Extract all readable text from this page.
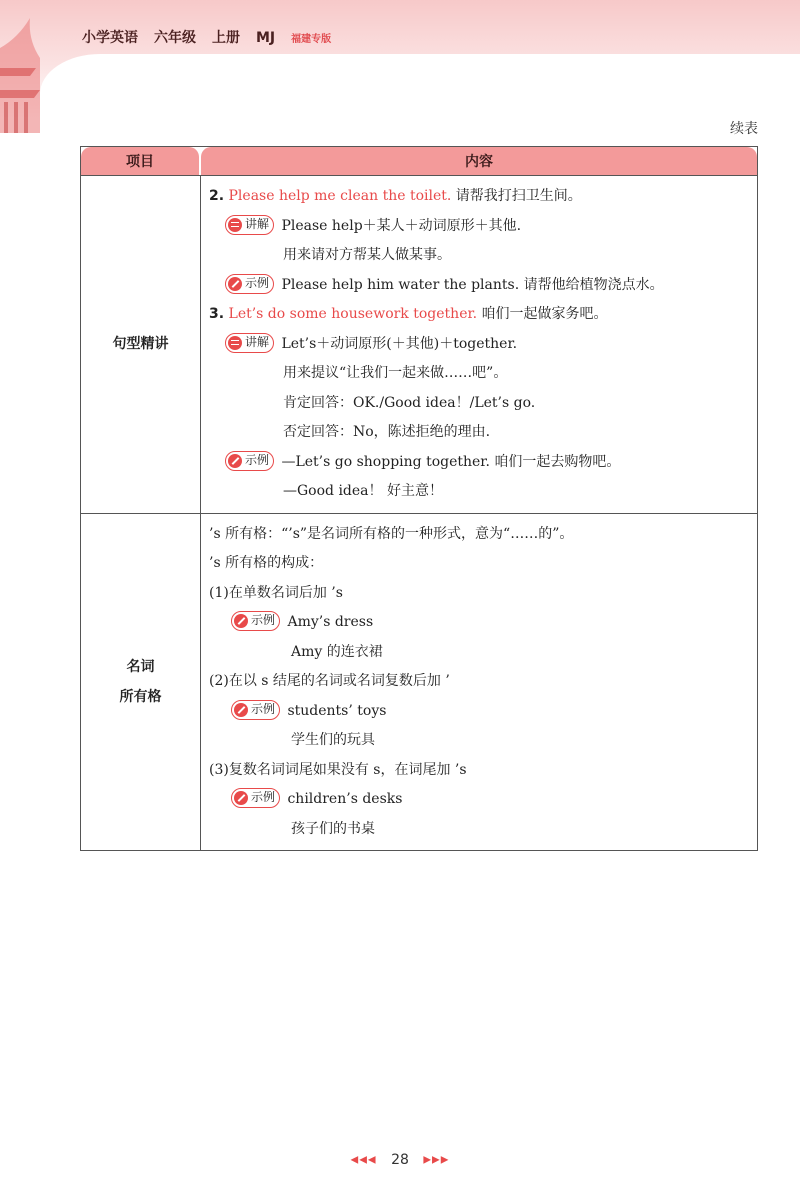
小学英语 六年级 上册 MJ 福建专版
续表
项目	内容
句型精讲
2. Please help me clean the toilet. 请帮我打扫卫生间。
讲解 Please help＋某人＋动词原形＋其他.
用来请对方帮某人做某事。
示例 Please help him water the plants. 请帮他给植物浇点水。
3. Let’s do some housework together. 咱们一起做家务吧。
讲解 Let’s＋动词原形(＋其他)＋together.
用来提议“让我们一起来做……吧”。
肯定回答：OK./Good idea！/Let’s go.
否定回答：No，陈述拒绝的理由.
示例 —Let’s go shopping together. 咱们一起去购物吧。
—Good idea！ 好主意！
名词
所有格
’s 所有格：“’s”是名词所有格的一种形式，意为“……的”。
’s 所有格的构成：
(1)在单数名词后加 ’s
示例 Amy’s dress
Amy 的连衣裙
(2)在以 s 结尾的名词或名词复数后加 ’
示例 students’ toys
学生们的玩具
(3)复数名词词尾如果没有 s，在词尾加 ’s
示例 children’s desks
孩子们的书桌
◀◀◀ 28 ▶▶▶
